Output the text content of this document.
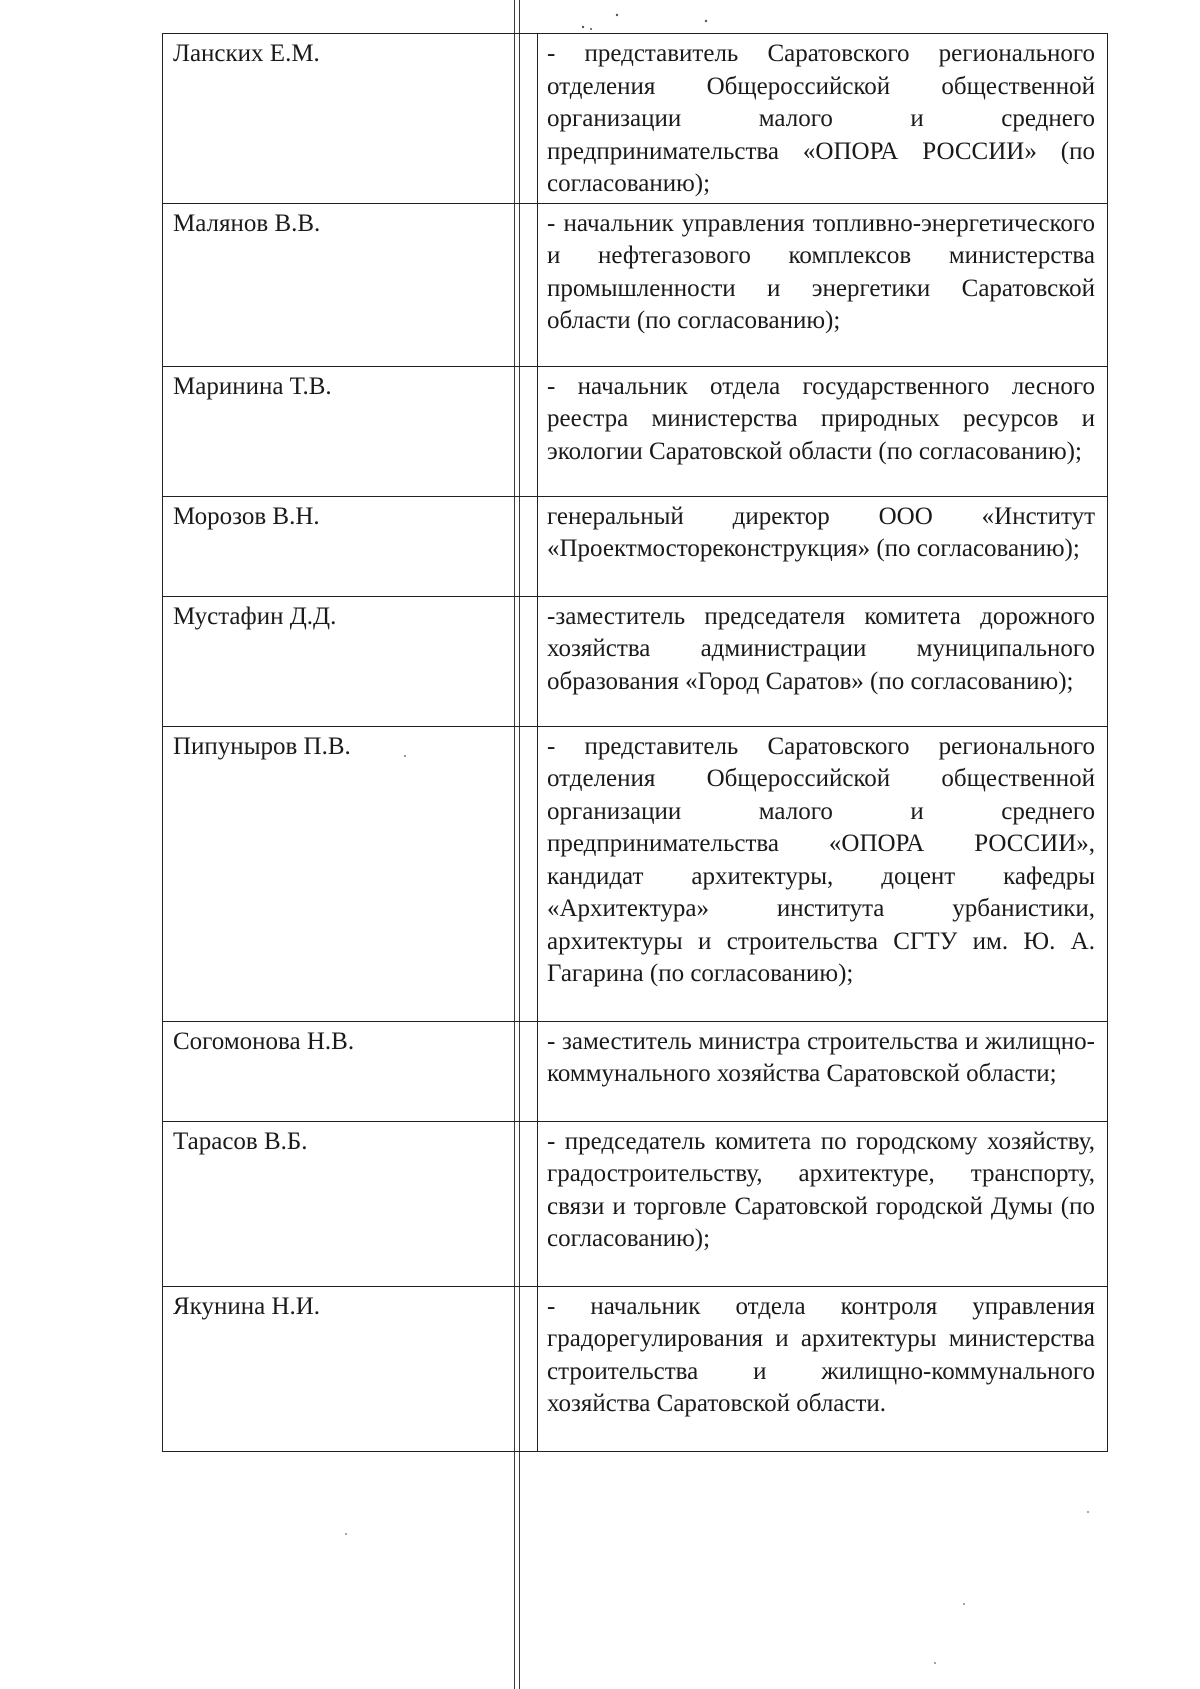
Ланских Е.М.		- представитель Саратовского регионального отделения Общероссийской общественной организации малого и среднего предпринимательства «ОПОРА РОССИИ» (по согласованию);
Малянов В.В.		- начальник управления топливно-энергетического и нефтегазового комплексов министерства промышленности и энергетики Саратовской области (по согласованию);
Маринина Т.В.		- начальник отдела государственного лесного реестра министерства природных ресурсов и экологии Саратовской области (по согласованию);
Морозов В.Н.		генеральный директор ООО «Институт «Проектмостореконструкция» (по согласованию);
Мустафин Д.Д.		-заместитель председателя комитета дорожного хозяйства администрации муниципального образования «Город Саратов» (по согласованию);
Пипуныров П.В.		- представитель Саратовского регионального отделения Общероссийской общественной организации малого и среднего предпринимательства «ОПОРА РОССИИ», кандидат архитектуры, доцент кафедры «Архитектура» института урбанистики, архитектуры и строительства СГТУ им. Ю. А. Гагарина (по согласованию);
Согомонова Н.В.		- заместитель министра строительства и жилищно-коммунального хозяйства Саратовской области;
Тарасов В.Б.		- председатель комитета по городскому хозяйству, градостроительству, архитектуре, транспорту, связи и торговле Саратовской городской Думы (по согласованию);
Якунина Н.И.		- начальник отдела контроля управления градорегулирования и архитектуры министерства строительства и жилищно-коммунального хозяйства Саратовской области.
